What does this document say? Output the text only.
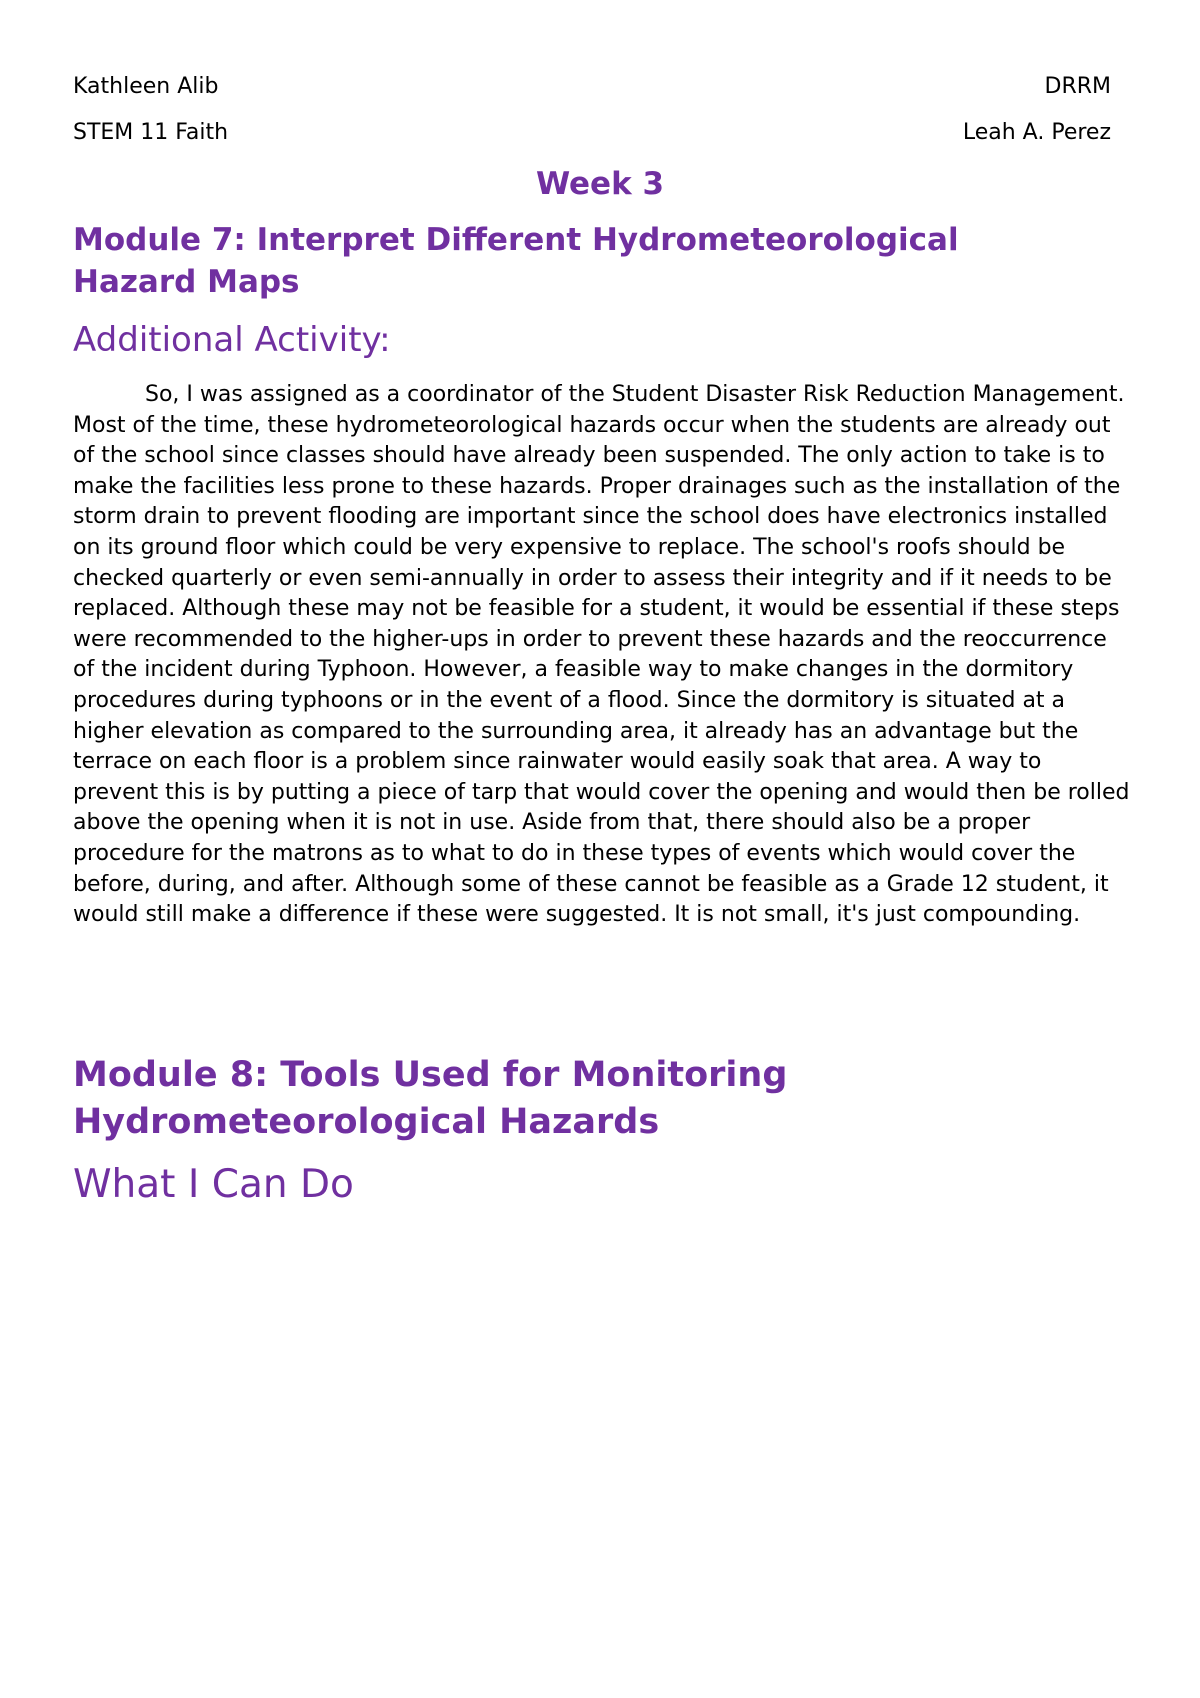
Kathleen Alib	DRRM
STEM 11 Faith	Leah A. Perez
Week 3
Module 7: Interpret Different Hydrometeorological Hazard Maps
Additional Activity:

So, I was assigned as a coordinator of the Student Disaster Risk Reduction Management. Most of the time, these hydrometeorological hazards occur when the students are already out of the school since classes should have already been suspended. The only action to take is to make the facilities less prone to these hazards. Proper drainages such as the installation of the storm drain to prevent flooding are important since the school does have electronics installed on its ground floor which could be very expensive to replace. The school's roofs should be checked quarterly or even semi-annually in order to assess their integrity and if it needs to be replaced. Although these may not be feasible for a student, it would be essential if these steps were recommended to the higher-ups in order to prevent these hazards and the reoccurrence of the incident during Typhoon. However, a feasible way to make changes in the dormitory procedures during typhoons or in the event of a flood. Since the dormitory is situated at a higher elevation as compared to the surrounding area, it already has an advantage but the terrace on each floor is a problem since rainwater would easily soak that area. A way to prevent this is by putting a piece of tarp that would cover the opening and would then be rolled above the opening when it is not in use. Aside from that, there should also be a proper procedure for the matrons as to what to do in these types of events which would cover the before, during, and after. Although some of these cannot be feasible as a Grade 12 student, it would still make a difference if these were suggested. It is not small, it's just compounding.

Module 8: Tools Used for Monitoring Hydrometeorological Hazards
What I Can Do
